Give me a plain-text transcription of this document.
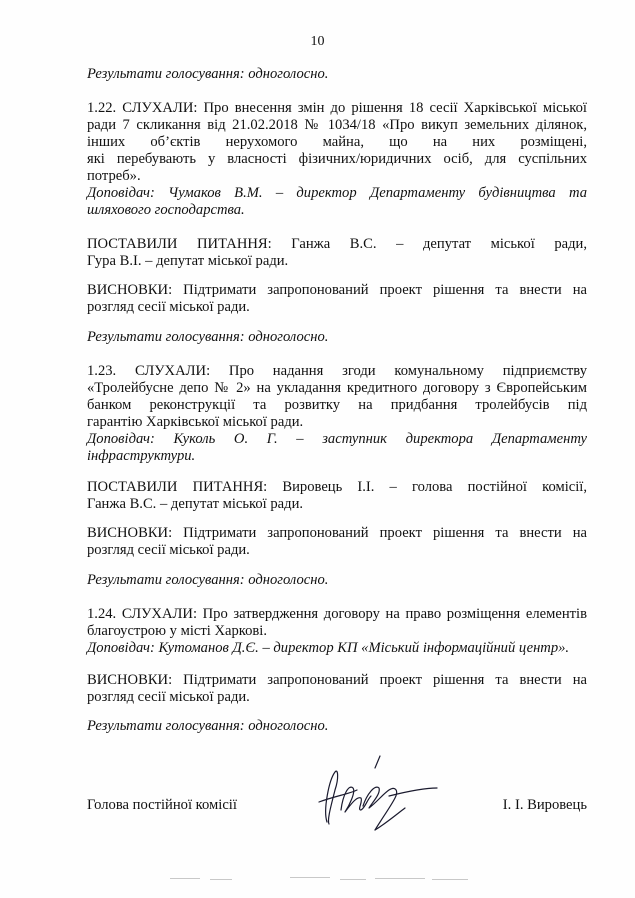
10
Результати голосування: одноголосно.
1.22. СЛУХАЛИ: Про внесення змін до рішення 18 сесії Харківської міської
ради 7 скликання від 21.02.2018 № 1034/18 «Про викуп земельних ділянок,
інших об’єктів нерухомого майна, що на них розміщені,
які перебувають у власності фізичних/юридичних осіб, для суспільних
потреб».
Доповідач: Чумаков В.М. – директор Департаменту будівництва та
шляхового господарства.
ПОСТАВИЛИ ПИТАННЯ: Ганжа В.С. – депутат міської ради,
Гура В.І. – депутат міської ради.
ВИСНОВКИ: Підтримати запропонований проект рішення та внести на
розгляд сесії міської ради.
Результати голосування: одноголосно.
1.23. СЛУХАЛИ: Про надання згоди комунальному підприємству
«Тролейбусне депо № 2» на укладання кредитного договору з Європейським
банком реконструкції та розвитку на придбання тролейбусів під
гарантію Харківської міської ради.
Доповідач: Куколь О. Г. – заступник директора Департаменту
інфраструктури.
ПОСТАВИЛИ ПИТАННЯ: Вировець І.І. – голова постійної комісії,
Ганжа В.С. – депутат міської ради.
ВИСНОВКИ: Підтримати запропонований проект рішення та внести на
розгляд сесії міської ради.
Результати голосування: одноголосно.
1.24. СЛУХАЛИ: Про затвердження договору на право розміщення елементів
благоустрою у місті Харкові.
Доповідач: Кутоманов Д.Є. – директор КП «Міський інформаційний центр».
ВИСНОВКИ: Підтримати запропонований проект рішення та внести на
розгляд сесії міської ради.
Результати голосування: одноголосно.
Голова постійної комісії	І. І. Вировець
